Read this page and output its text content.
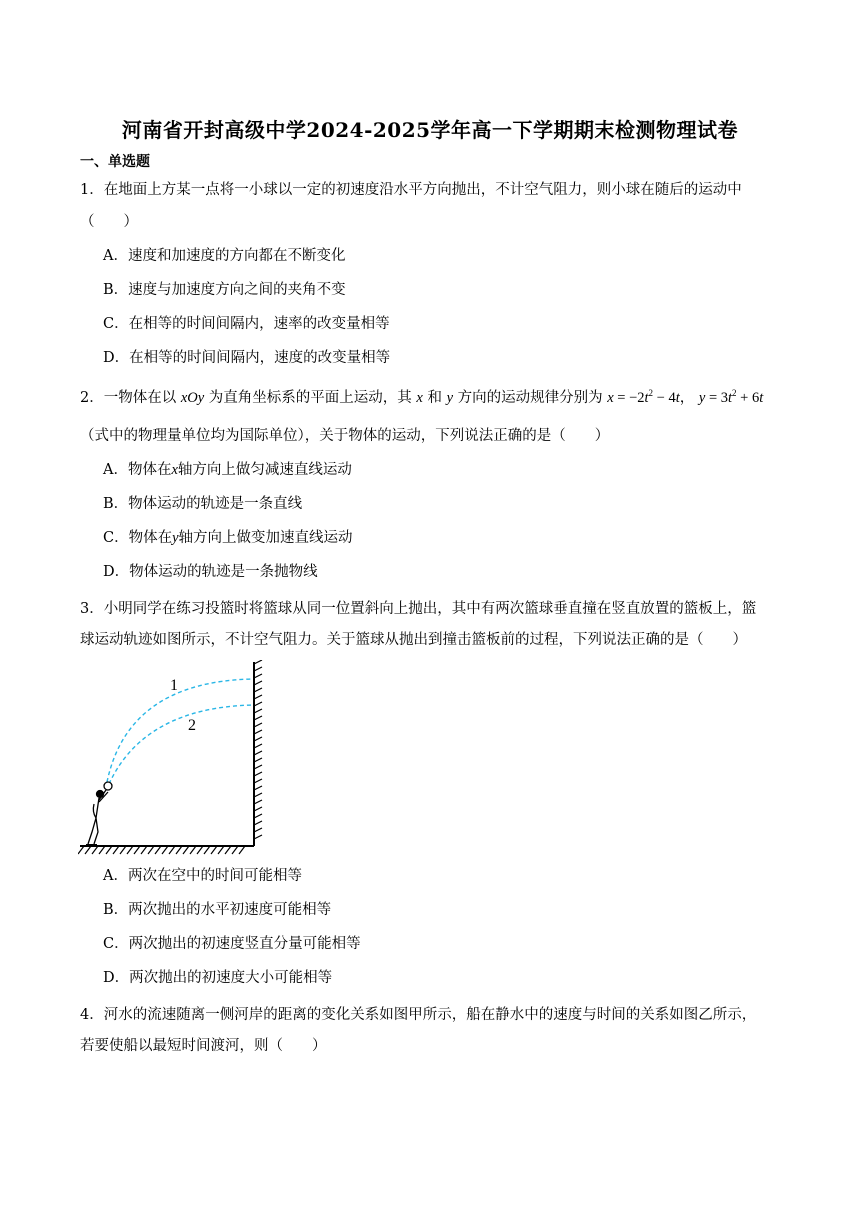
河南省开封高级中学2024-2025学年高一下学期期末检测物理试卷
一、单选题
1．在地面上方某一点将一小球以一定的初速度沿水平方向抛出，不计空气阻力，则小球在随后的运动中
（　　）
A．速度和加速度的方向都在不断变化
B．速度与加速度方向之间的夹角不变
C．在相等的时间间隔内，速率的改变量相等
D．在相等的时间间隔内，速度的改变量相等
2．一物体在以 xOy 为直角坐标系的平面上运动，其 x 和 y 方向的运动规律分别为 $x = -2t^2 - 4t$， $y = 3t^2 + 6t$
（式中的物理量单位均为国际单位），关于物体的运动，下列说法正确的是（　　）
A．物体在x轴方向上做匀减速直线运动
B．物体运动的轨迹是一条直线
C．物体在y轴方向上做变加速直线运动
D．物体运动的轨迹是一条抛物线
3．小明同学在练习投篮时将篮球从同一位置斜向上抛出，其中有两次篮球垂直撞在竖直放置的篮板上，篮
球运动轨迹如图所示，不计空气阻力。关于篮球从抛出到撞击篮板前的过程，下列说法正确的是（　　）
1
2
A．两次在空中的时间可能相等
B．两次抛出的水平初速度可能相等
C．两次抛出的初速度竖直分量可能相等
D．两次抛出的初速度大小可能相等
4．河水的流速随离一侧河岸的距离的变化关系如图甲所示，船在静水中的速度与时间的关系如图乙所示，
若要使船以最短时间渡河，则（　　）
